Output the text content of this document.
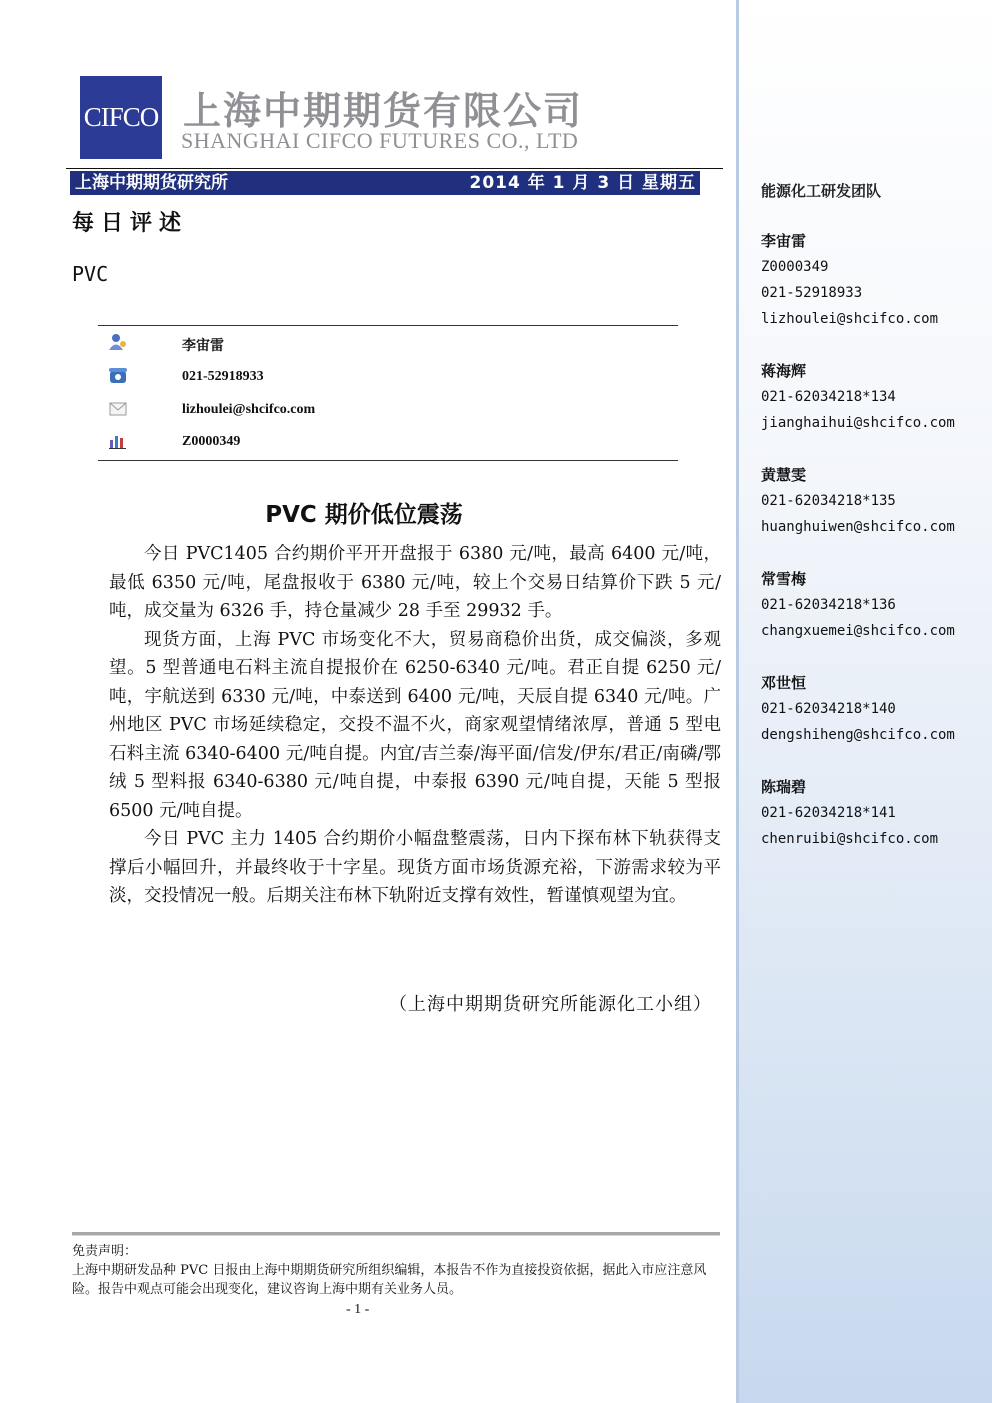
CIFCO 上海中期期货有限公司
SHANGHAI CIFCO FUTURES CO., LTD
上海中期期货研究所	2014 年 1 月 3 日 星期五
每日评述
PVC
李宙雷
021-52918933
lizhoulei@shcifco.com
Z0000349
PVC 期价低位震荡

今日 PVC1405 合约期价平开开盘报于 6380 元/吨，最高 6400 元/吨，最低 6350 元/吨，尾盘报收于 6380 元/吨，较上个交易日结算价下跌 5 元/吨，成交量为 6326 手，持仓量减少 28 手至 29932 手。

现货方面，上海 PVC 市场变化不大，贸易商稳价出货，成交偏淡，多观望。5 型普通电石料主流自提报价在 6250-6340 元/吨。君正自提 6250 元/吨，宇航送到 6330 元/吨，中泰送到 6400 元/吨，天辰自提 6340 元/吨。广州地区 PVC 市场延续稳定，交投不温不火，商家观望情绪浓厚，普通 5 型电石料主流 6340-6400 元/吨自提。内宜/吉兰泰/海平面/信发/伊东/君正/南磷/鄂绒 5 型料报 6340-6380 元/吨自提，中泰报 6390 元/吨自提，天能 5 型报 6500 元/吨自提。

今日 PVC 主力 1405 合约期价小幅盘整震荡，日内下探布林下轨获得支撑后小幅回升，并最终收于十字星。现货方面市场货源充裕，下游需求较为平淡，交投情况一般。后期关注布林下轨附近支撑有效性，暂谨慎观望为宜。

（上海中期期货研究所能源化工小组）
免责声明：
上海中期研发品种 PVC 日报由上海中期期货研究所组织编辑，本报告不作为直接投资依据，据此入市应注意风险。报告中观点可能会出现变化，建议咨询上海中期有关业务人员。
- 1 -
能源化工研发团队
李宙雷
Z0000349
021-52918933
lizhoulei@shcifco.com
蒋海辉
021-62034218*134
jianghaihui@shcifco.com
黄慧雯
021-62034218*135
huanghuiwen@shcifco.com
常雪梅
021-62034218*136
changxuemei@shcifco.com
邓世恒
021-62034218*140
dengshiheng@shcifco.com
陈瑞碧
021-62034218*141
chenruibi@shcifco.com
